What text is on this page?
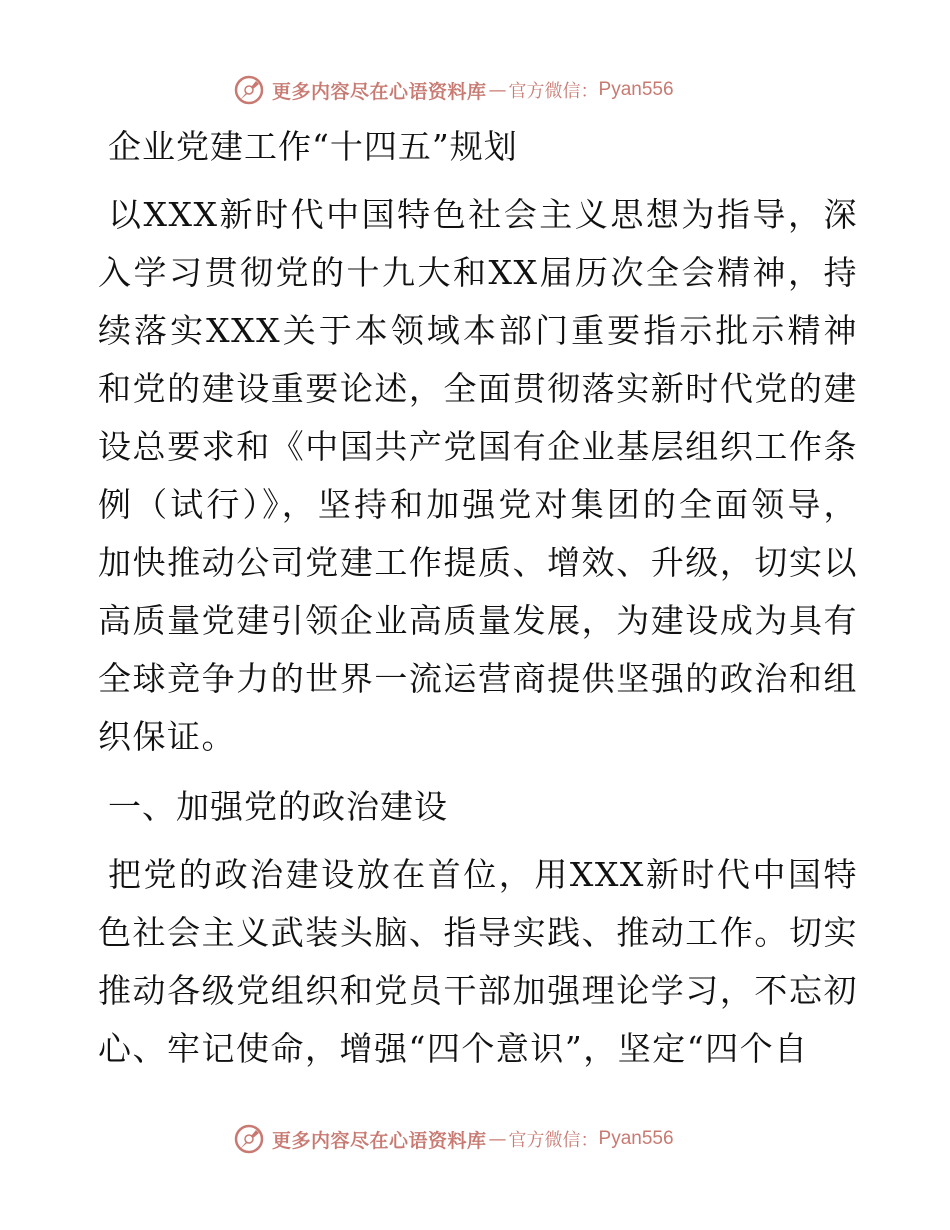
更多内容尽在心语资料库 — 官方微信： Pyan556

企业党建工作“十四五”规划

以XXX新时代中国特色社会主义思想为指导，深入学习贯彻党的十九大和XX届历次全会精神，持续落实XXX关于本领域本部门重要指示批示精神和党的建设重要论述，全面贯彻落实新时代党的建设总要求和《中国共产党国有企业基层组织工作条例（试行）》，坚持和加强党对集团的全面领导，加快推动公司党建工作提质、增效、升级，切实以高质量党建引领企业高质量发展，为建设成为具有全球竞争力的世界一流运营商提供坚强的政治和组织保证。

一、加强党的政治建设

把党的政治建设放在首位，用XXX新时代中国特色社会主义武装头脑、指导实践、推动工作。切实推动各级党组织和党员干部加强理论学习，不忘初心、牢记使命，增强“四个意识”，坚定“四个自

更多内容尽在心语资料库 — 官方微信： Pyan556
